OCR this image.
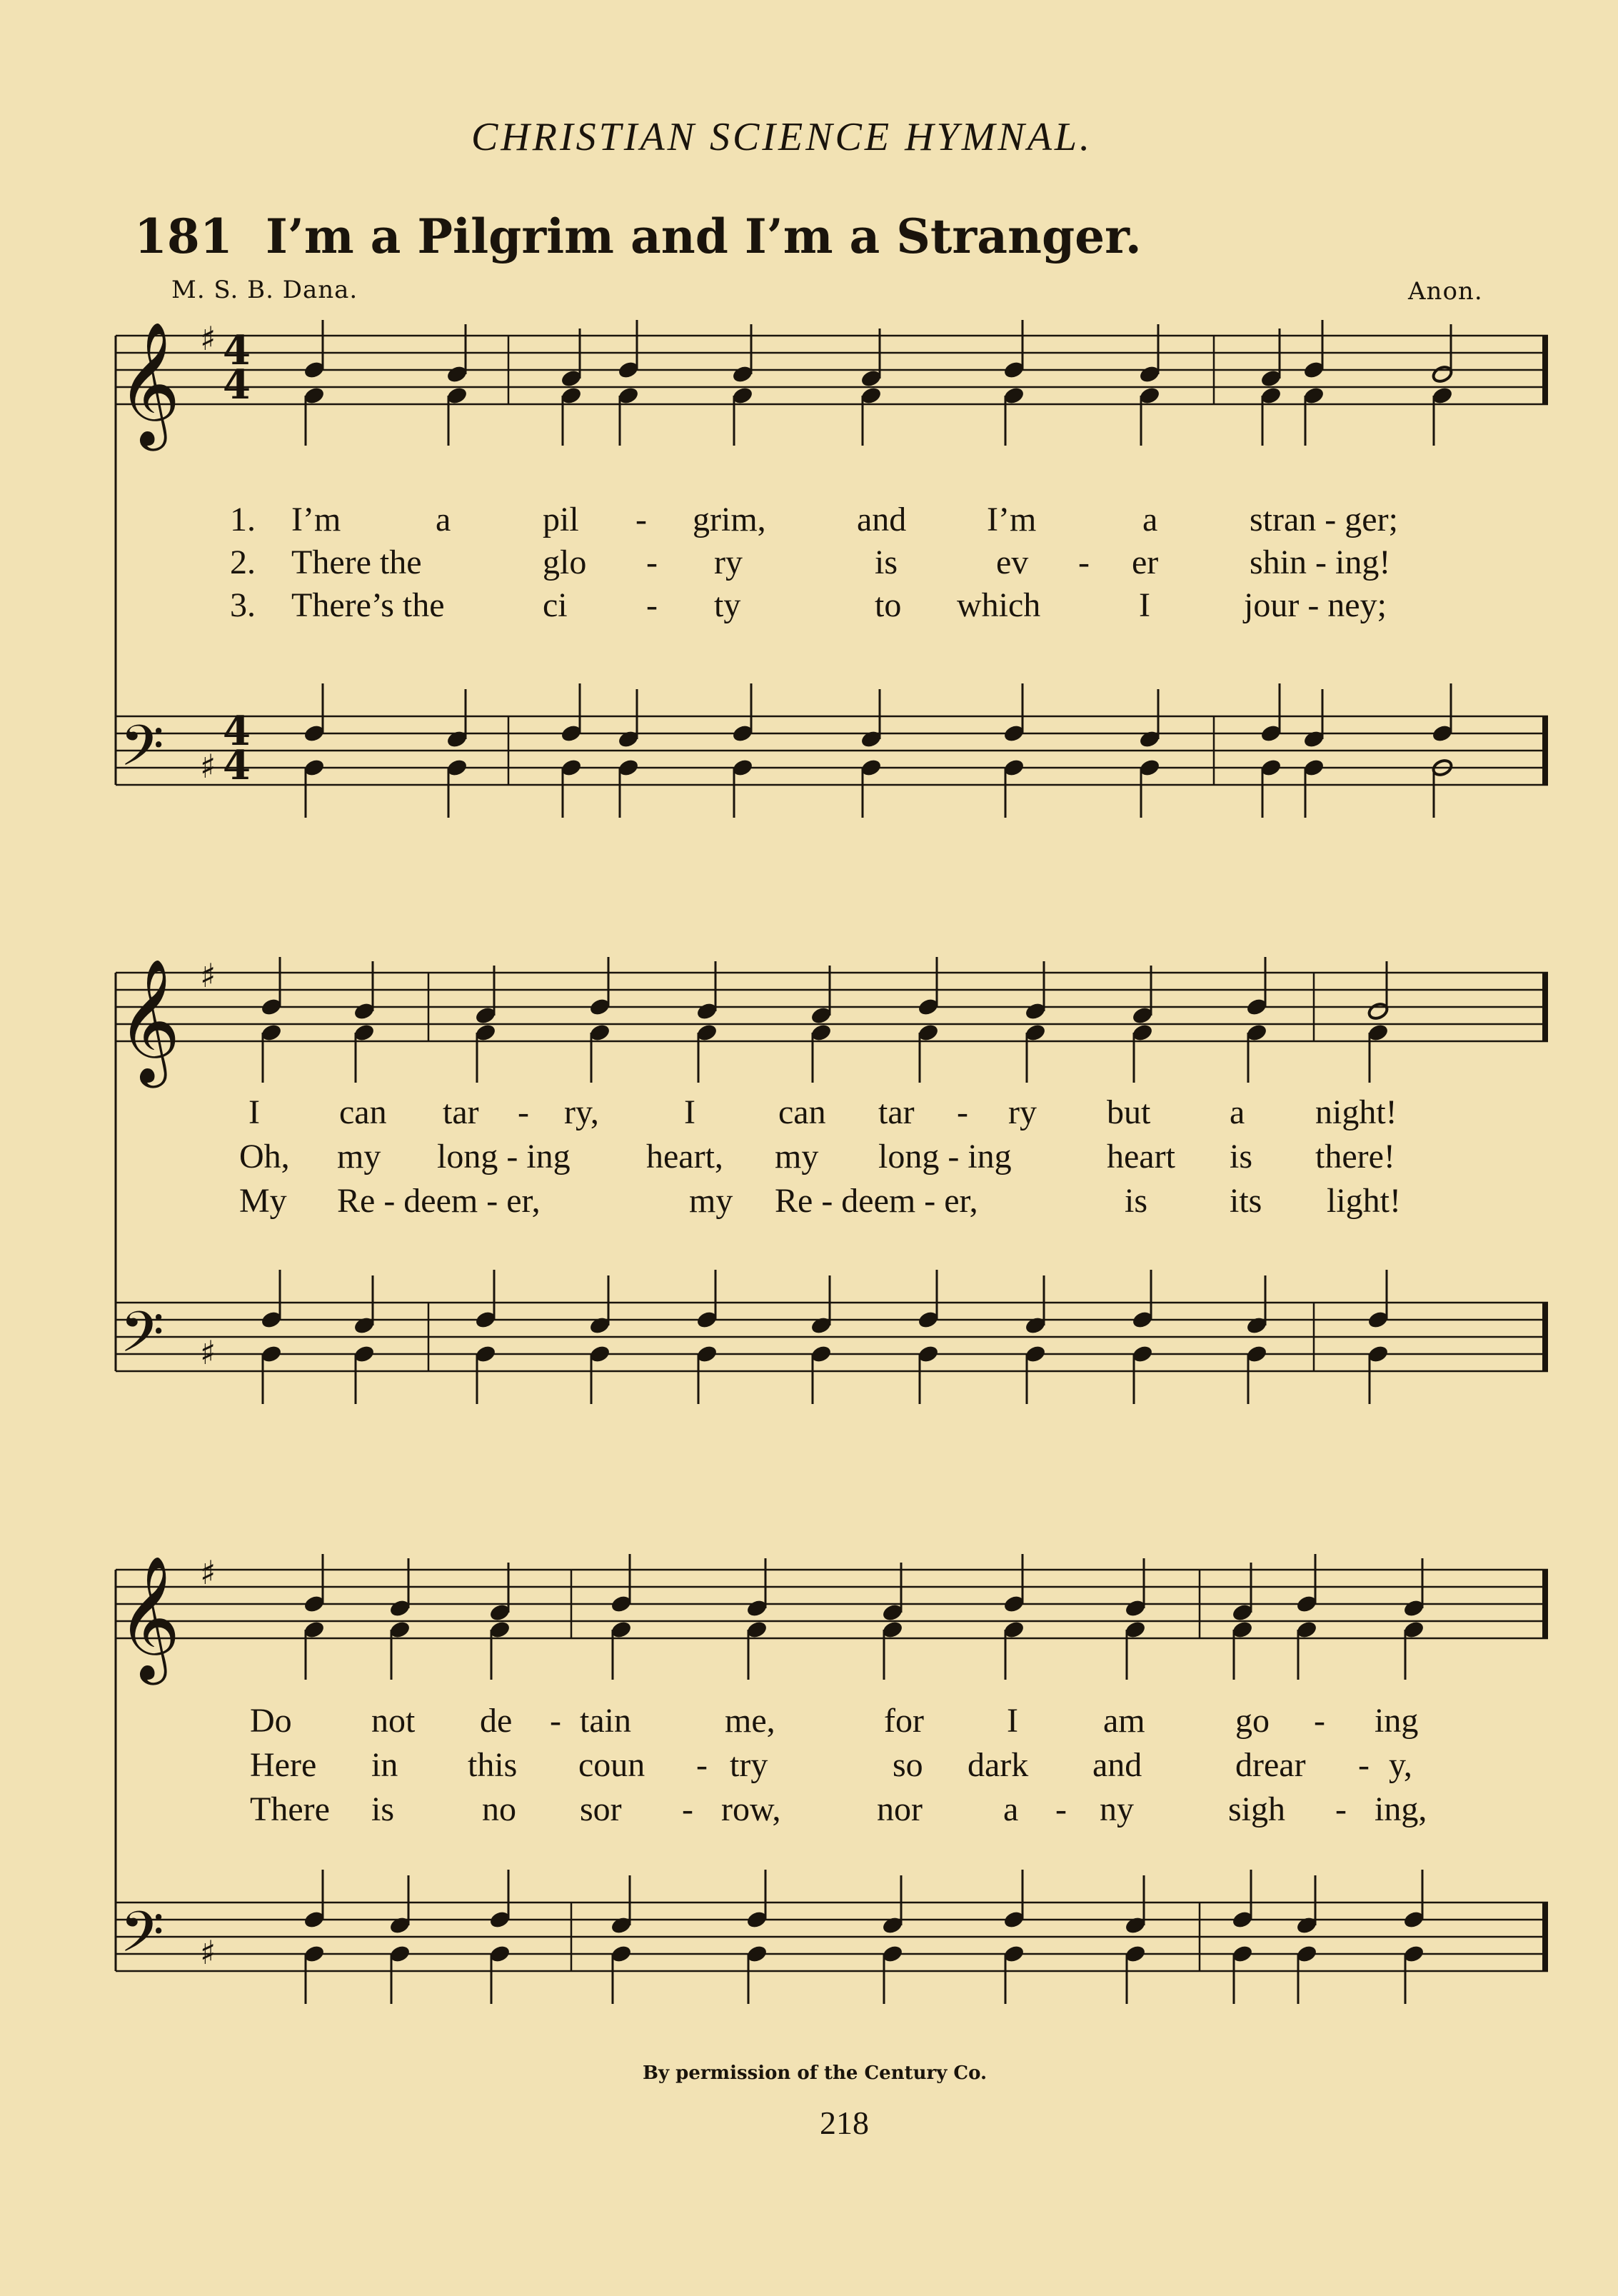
CHRISTIAN SCIENCE HYMNAL.
181 I’m a Pilgrim and I’m a Stranger.
M. S. B. Dana.	Anon.
𝄞
𝄢
♯
♯
4
4
4
4
𝄞
𝄢
♯
♯
𝄞
𝄢
♯
♯
1. I’m	a	pil - grim,	and I’m	a	stran - ger;
2. There the	glo - ry	is	ev - er	shin - ing!
3. There’s the	ci - ty	to which	I	jour - ney;
I can tar - ry, I can tar - ry but a night!
Oh, my long - ing heart, my long - ing	heart is there!
My Re - deem - er,	my Re - deem - er,	is its light!
Do not de - tain	me,	for I am	go - ing
Here in this coun - try	so dark and	drear - y,
There is	no sor - row,	nor a - ny	sigh - ing,
By permission of the Century Co.
218
